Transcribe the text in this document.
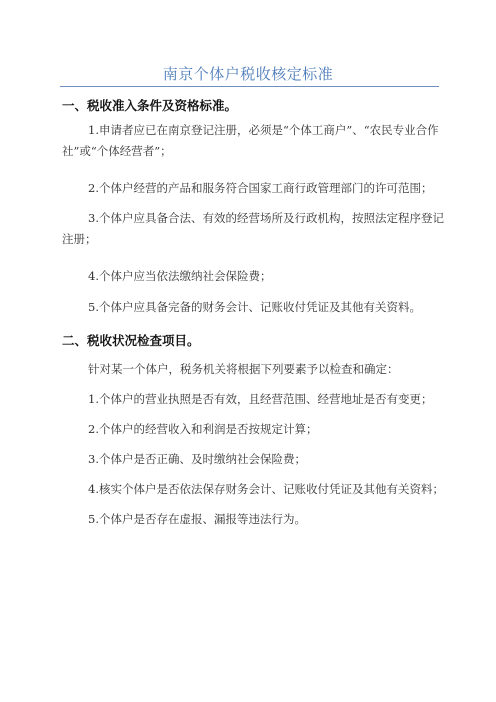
南京个体户税收核定标准
一、税收准入条件及资格标准。

1.申请者应已在南京登记注册，必须是“个体工商户”、“农民专业合作社”或“个体经营者”；

2.个体户经营的产品和服务符合国家工商行政管理部门的许可范围；

3.个体户应具备合法、有效的经营场所及行政机构，按照法定程序登记注册；

4.个体户应当依法缴纳社会保险费；

5.个体户应具备完备的财务会计、记账收付凭证及其他有关资料。

二、税收状况检查项目。

针对某一个体户，税务机关将根据下列要素予以检查和确定：

1.个体户的营业执照是否有效，且经营范围、经营地址是否有变更；

2.个体户的经营收入和利润是否按规定计算；

3.个体户是否正确、及时缴纳社会保险费；

4.核实个体户是否依法保存财务会计、记账收付凭证及其他有关资料；

5.个体户是否存在虚报、漏报等违法行为。
